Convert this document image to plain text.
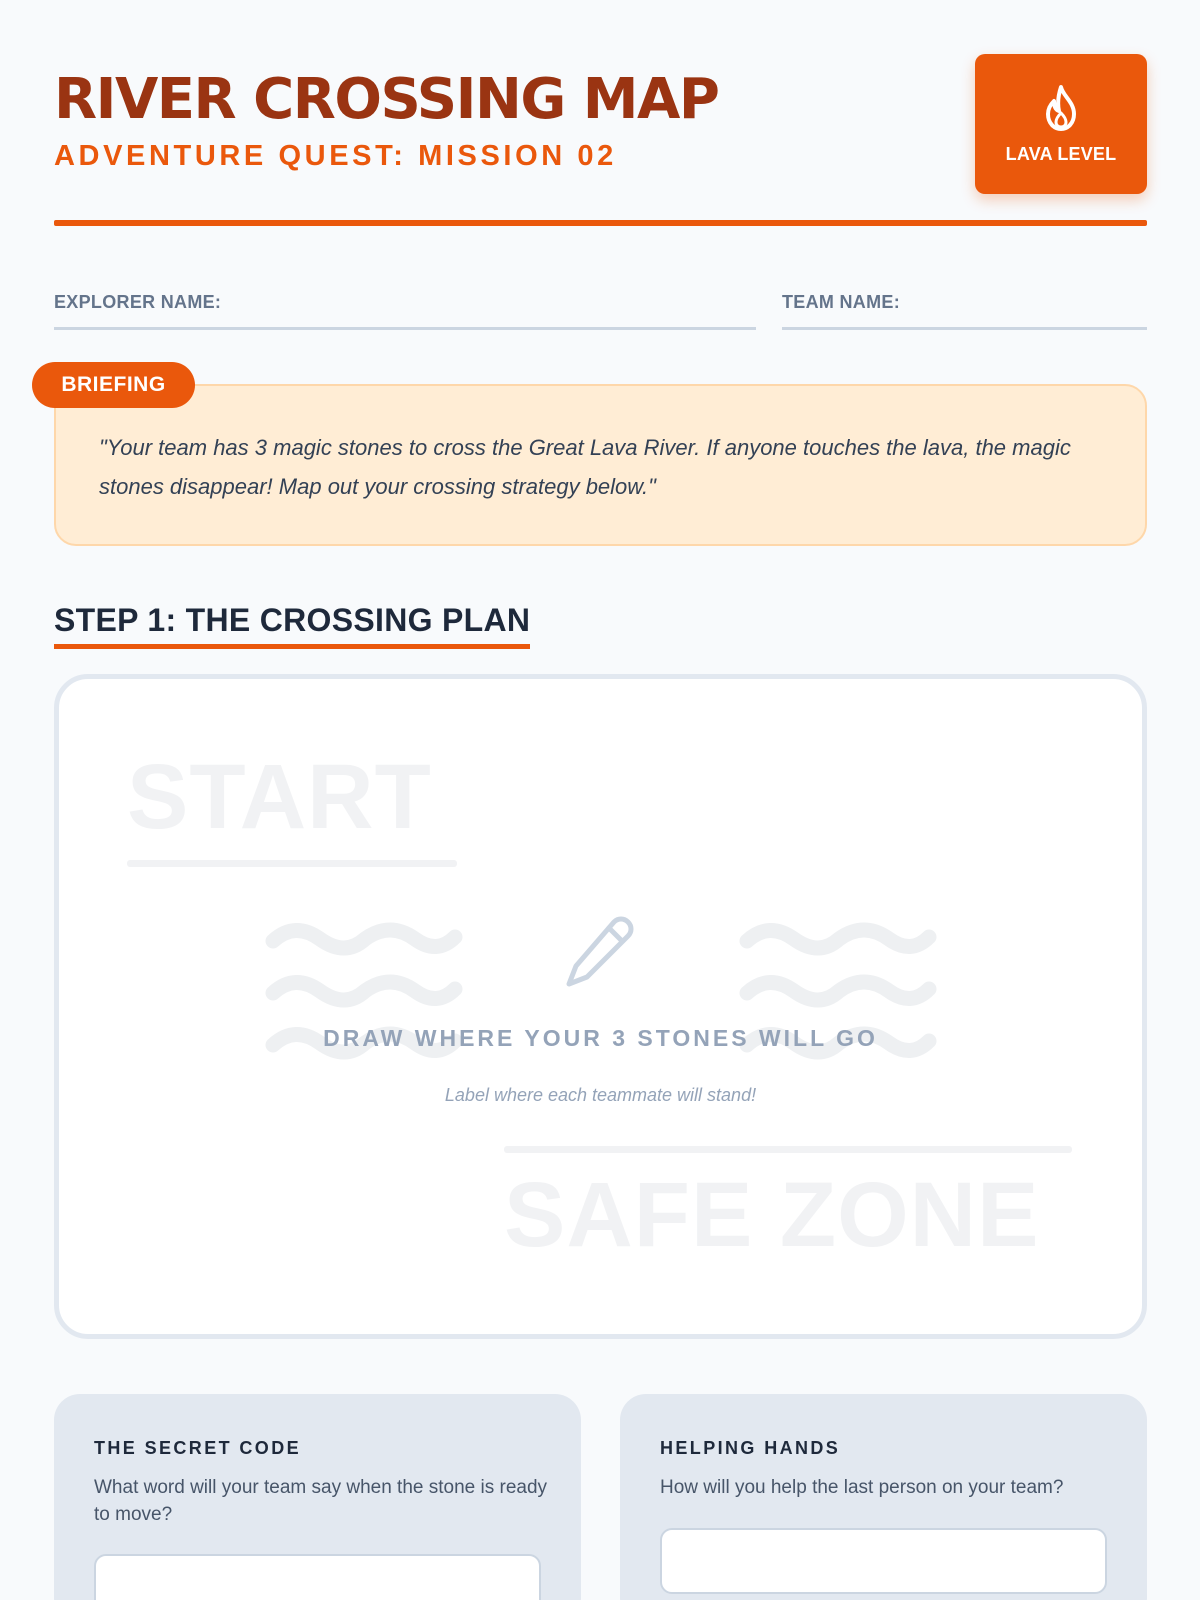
RIVER CROSSING MAP
ADVENTURE QUEST: MISSION 02	LAVA LEVEL
EXPLORER NAME:	TEAM NAME:
BRIEFING
"Your team has 3 magic stones to cross the Great Lava River. If anyone touches the lava, the magic stones disappear! Map out your crossing strategy below."
STEP 1: THE CROSSING PLAN
START
DRAW WHERE YOUR 3 STONES WILL GO
Label where each teammate will stand!
SAFE ZONE
THE SECRET CODE
What word will your team say when the stone is ready to move?
HELPING HANDS
How will you help the last person on your team?
